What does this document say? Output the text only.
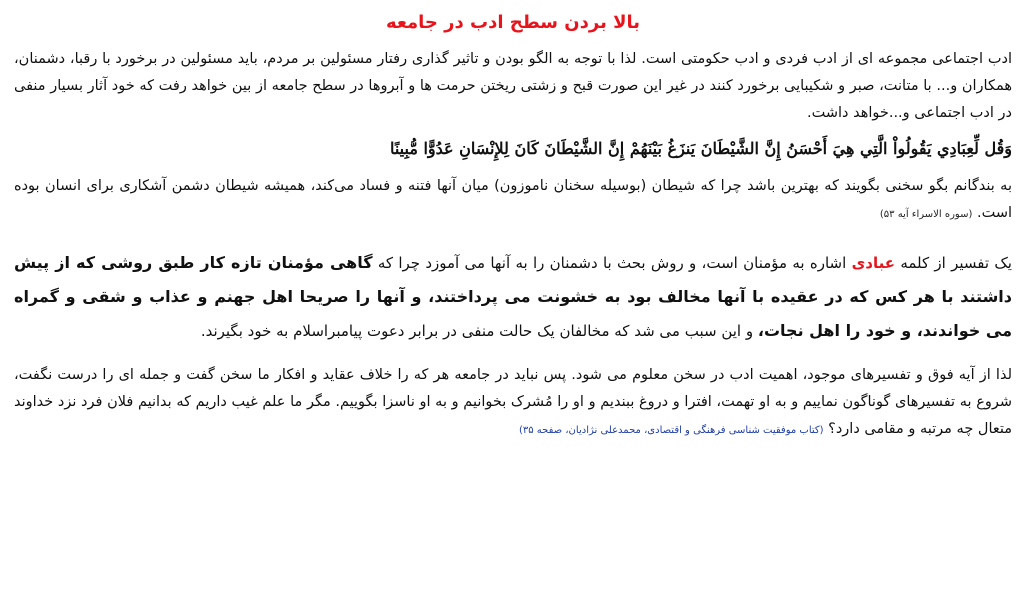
بالا بردن سطح ادب در جامعه

ادب اجتماعی مجموعه ای از ادب فردی و ادب حکومتی است. لذا با توجه به الگو بودن و تاثیر گذاری رفتار مسئولین بر مردم، باید مسئولین در برخورد با رقبا، دشمنان، همکاران و... با متانت، صبر و شکیبایی برخورد کنند در غیر این صورت قبح و زشتی ریختن حرمت ها و آبروها در سطح جامعه از بین خواهد رفت که خود آثار بسیار منفی در ادب اجتماعی و...خواهد داشت.

وَقُل لِّعِبَادِي يَقُولُواْ الَّتِي هِيَ أَحْسَنُ إِنَّ الشَّيْطَانَ يَنزَغُ بَيْنَهُمْ إِنَّ الشَّيْطَانَ كَانَ لِلإِنْسَانِ عَدُوًّا مُّبِينًا

به بندگانم بگو سخنی بگویند که بهترین باشد چرا که شیطان (بوسیله سخنان ناموزون) میان آنها فتنه و فساد می‌کند، همیشه شیطان دشمن آشکاری برای انسان بوده است. (سوره الاسراء آیه ۵۳)

یک تفسیر از کلمه عبادی اشاره به مؤمنان است، و روش بحث با دشمنان را به آنها می آموزد چرا که گاهی مؤمنان تازه کار طبق روشی که از پیش داشتند با هر کس که در عقیده با آنها مخالف بود به خشونت می پرداختند، و آنها را صریحا اهل جهنم و عذاب و شقی و گمراه می خواندند، و خود را اهل نجات، و این سبب می شد که مخالفان یک حالت منفی در برابر دعوت پیامبراسلام به خود بگیرند.

لذا از آیه فوق و تفسیرهای موجود، اهمیت ادب در سخن معلوم می شود. پس نباید در جامعه هر که را خلاف عقاید و افکار ما سخن گفت و جمله ای را درست نگفت، شروع به تفسیرهای گوناگون نماییم و به او تهمت، افترا و دروغ ببندیم و او را مُشرک بخوانیم و به او ناسزا بگوییم. مگر ما علم غیب داریم که بدانیم فلان فرد نزد خداوند متعال چه مرتبه و مقامی دارد؟ (کتاب موفقیت شناسی فرهنگی و اقتصادی، محمدعلی نژادیان، صفحه ۳۵)
